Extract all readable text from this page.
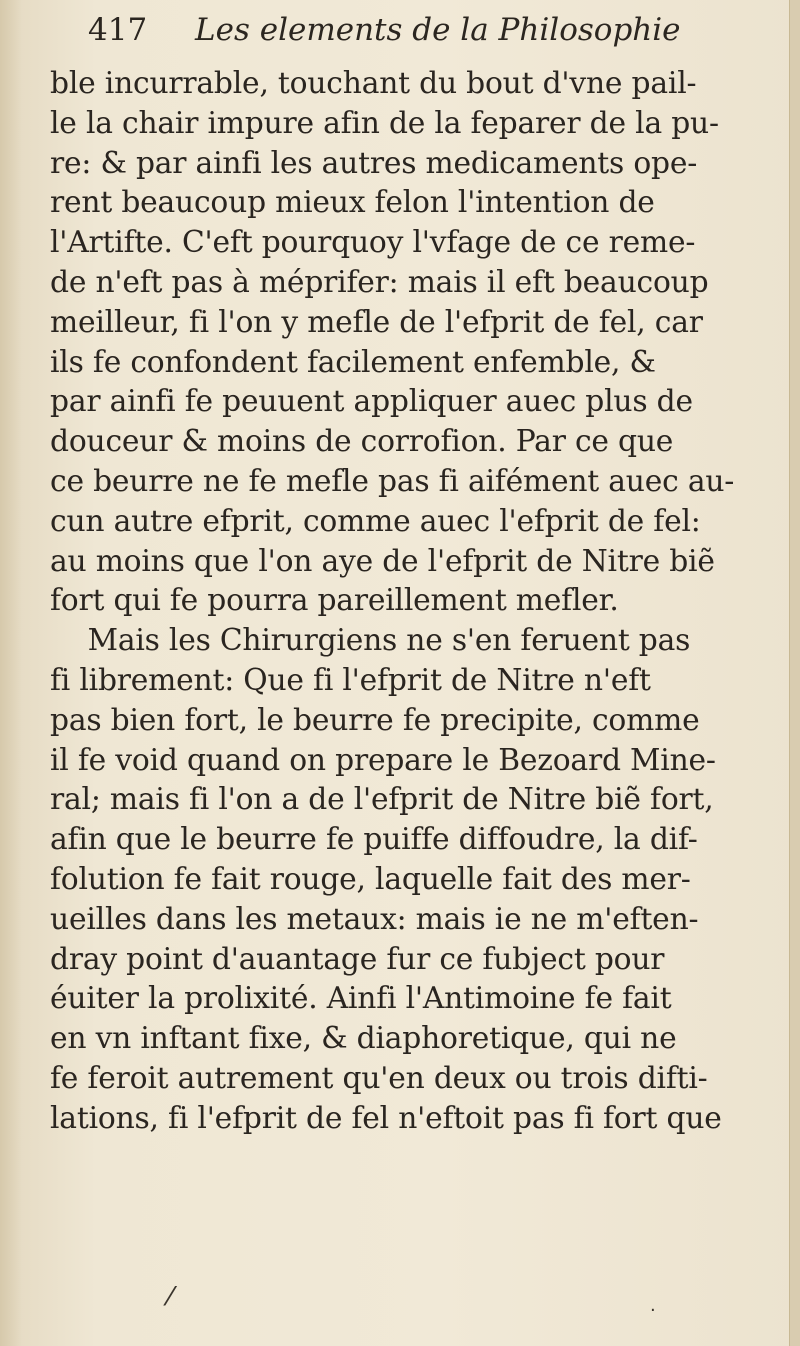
417 Les elements de la Philosophie
ble incurrable, touchant du bout d'vne pail-
le la chair impure afin de la feparer de la pu-
re: & par ainfi les autres medicaments ope-
rent beaucoup mieux felon l'intention de
l'Artifte. C'eft pourquoy l'vfage de ce reme-
de n'eft pas à méprifer: mais il eft beaucoup
meilleur, fi l'on y mefle de l'efprit de fel, car
ils fe confondent facilement enfemble, &
par ainfi fe peuuent appliquer auec plus de
douceur & moins de corrofion. Par ce que
ce beurre ne fe mefle pas fi aifément auec au-
cun autre efprit, comme auec l'efprit de fel:
au moins que l'on aye de l'efprit de Nitre biẽ
fort qui fe pourra pareillement mefler.
Mais les Chirurgiens ne s'en feruent pas
fi librement: Que fi l'efprit de Nitre n'eft
pas bien fort, le beurre fe precipite, comme
il fe void quand on prepare le Bezoard Mine-
ral; mais fi l'on a de l'efprit de Nitre biẽ fort,
afin que le beurre fe puiffe diffoudre, la dif-
folution fe fait rouge, laquelle fait des mer-
ueilles dans les metaux: mais ie ne m'eften-
dray point d'auantage fur ce fubject pour
éuiter la prolixité. Ainfi l'Antimoine fe fait
en vn inftant fixe, & diaphoretique, qui ne
fe feroit autrement qu'en deux ou trois difti-
lations, fi l'efprit de fel n'eftoit pas fi fort que
⁄	·
